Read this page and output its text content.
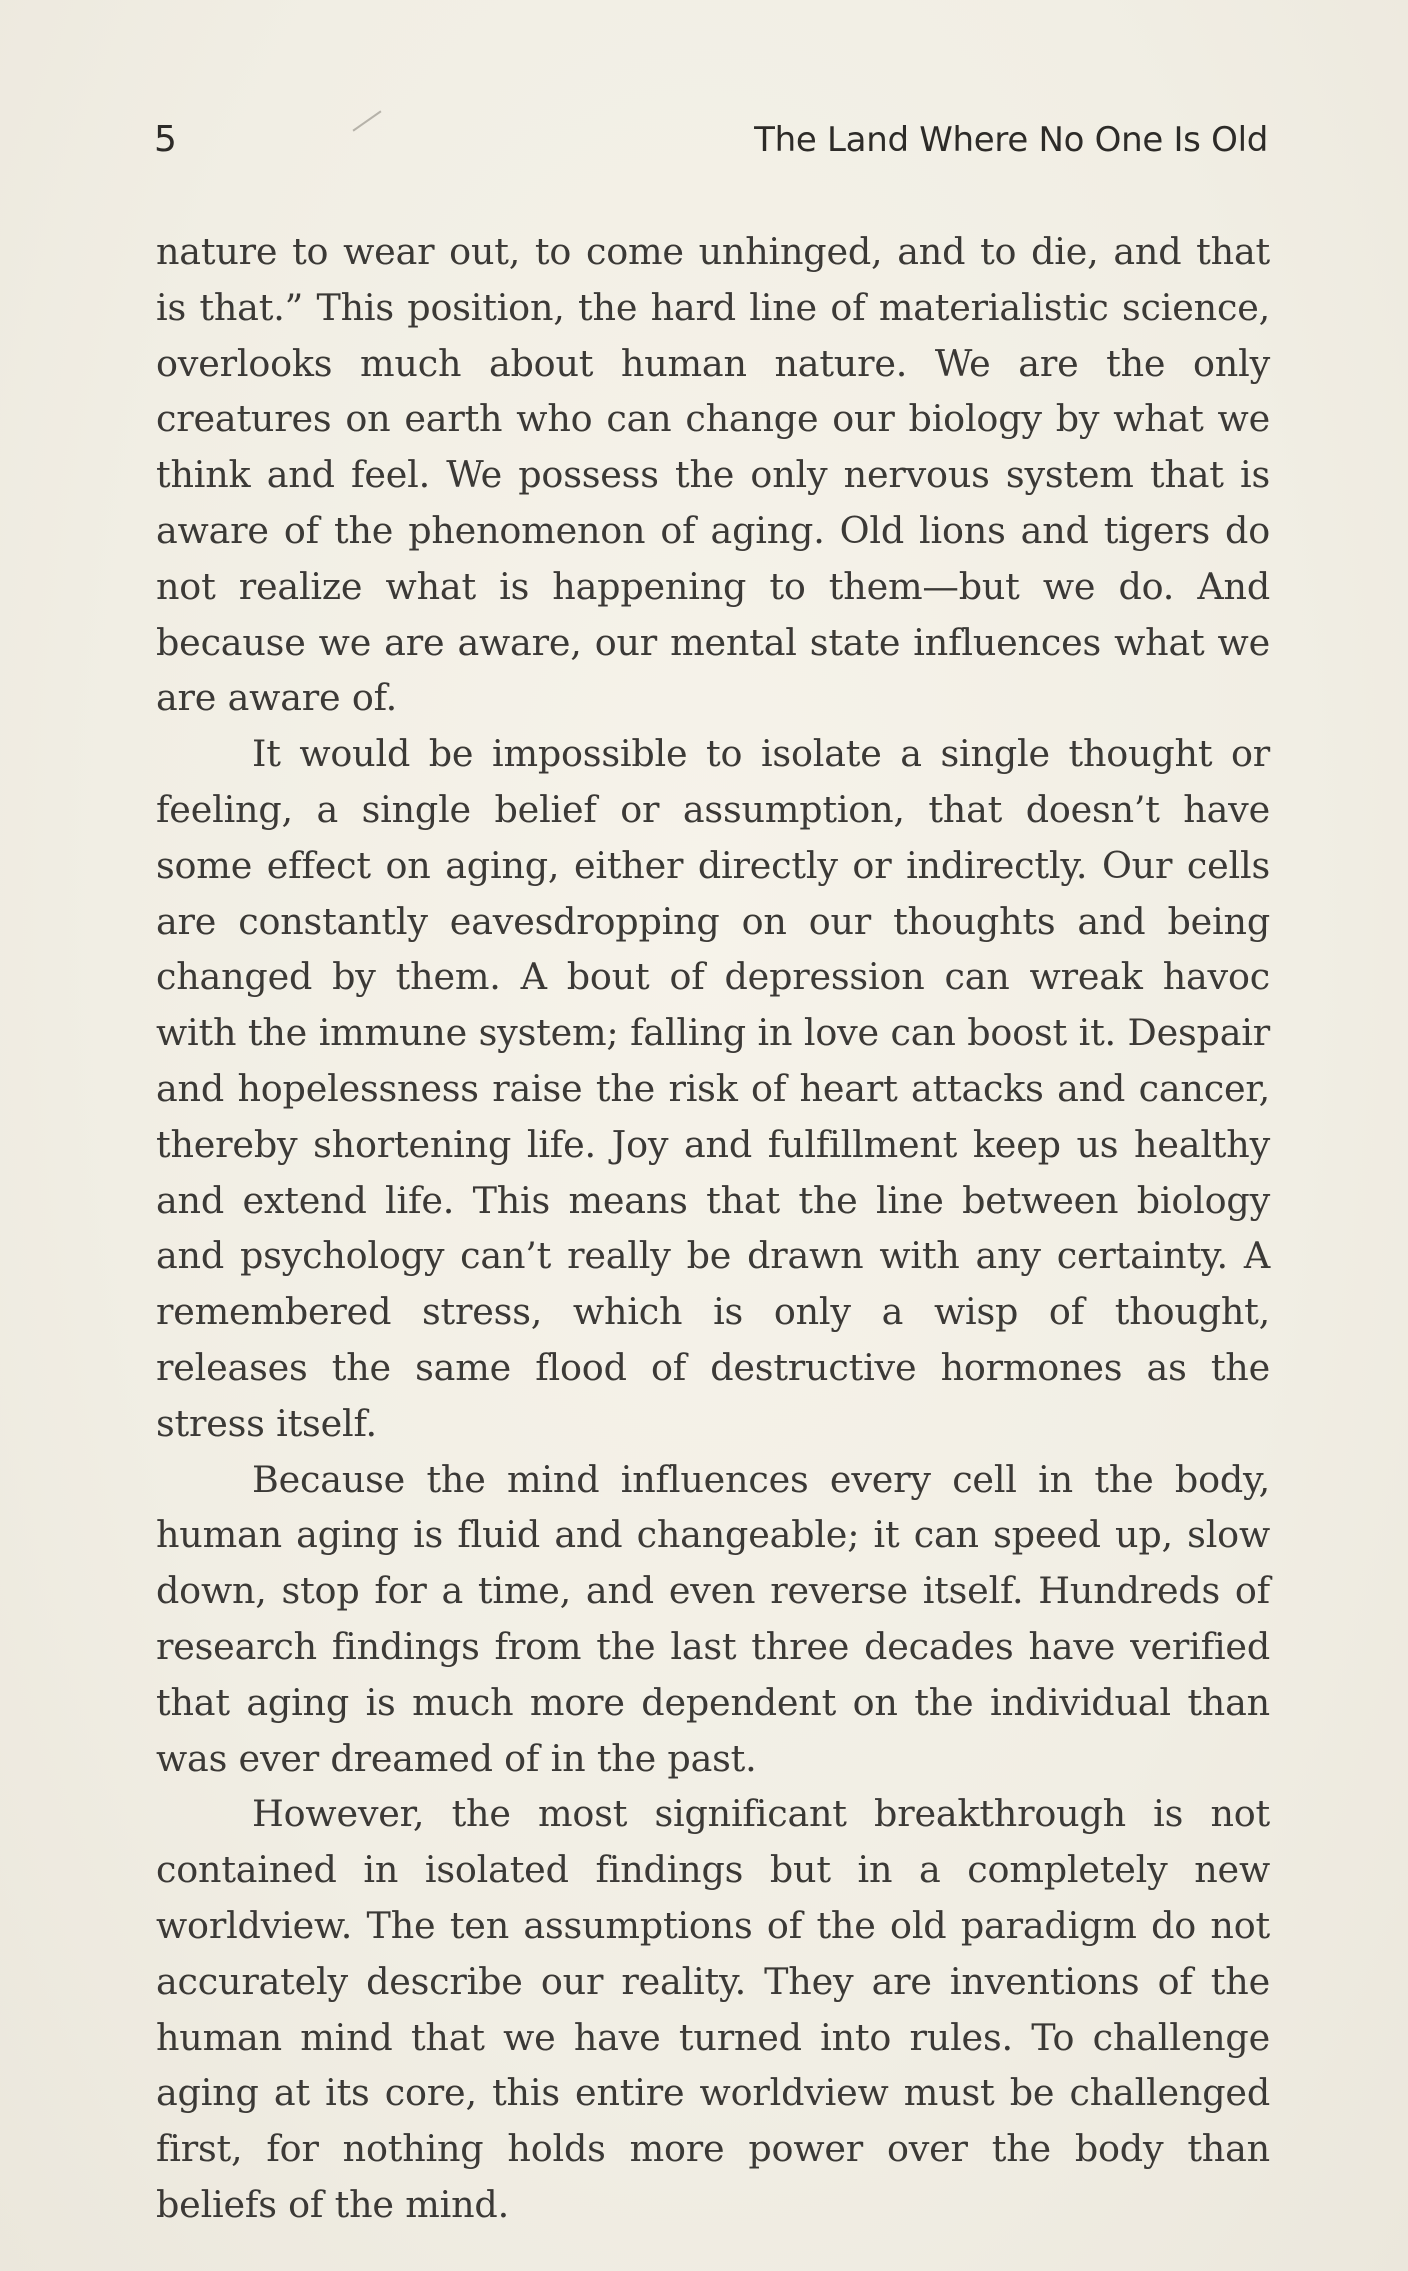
5	The Land Where No One Is Old

nature to wear out, to come unhinged, and to die, and that is that.” This position, the hard line of materialistic science, overlooks much about human nature. We are the only creatures on earth who can change our biology by what we think and feel. We possess the only nervous system that is aware of the phenomenon of aging. Old lions and tigers do not realize what is happening to them—but we do. And because we are aware, our mental state influences what we are aware of.

It would be impossible to isolate a single thought or feeling, a single belief or assumption, that doesn’t have some effect on aging, either directly or indirectly. Our cells are constantly eavesdropping on our thoughts and being changed by them. A bout of depression can wreak havoc with the immune system; falling in love can boost it. Despair and hopelessness raise the risk of heart attacks and cancer, thereby shortening life. Joy and fulfillment keep us healthy and extend life. This means that the line between biology and psychology can’t really be drawn with any certainty. A remembered stress, which is only a wisp of thought, releases the same flood of destructive hormones as the stress itself.

Because the mind influences every cell in the body, human aging is fluid and changeable; it can speed up, slow down, stop for a time, and even reverse itself. Hundreds of research findings from the last three decades have verified that aging is much more dependent on the individual than was ever dreamed of in the past.

However, the most significant breakthrough is not contained in isolated findings but in a completely new worldview. The ten assumptions of the old paradigm do not accurately describe our reality. They are inventions of the human mind that we have turned into rules. To challenge aging at its core, this entire worldview must be challenged first, for nothing holds more power over the body than beliefs of the mind.
